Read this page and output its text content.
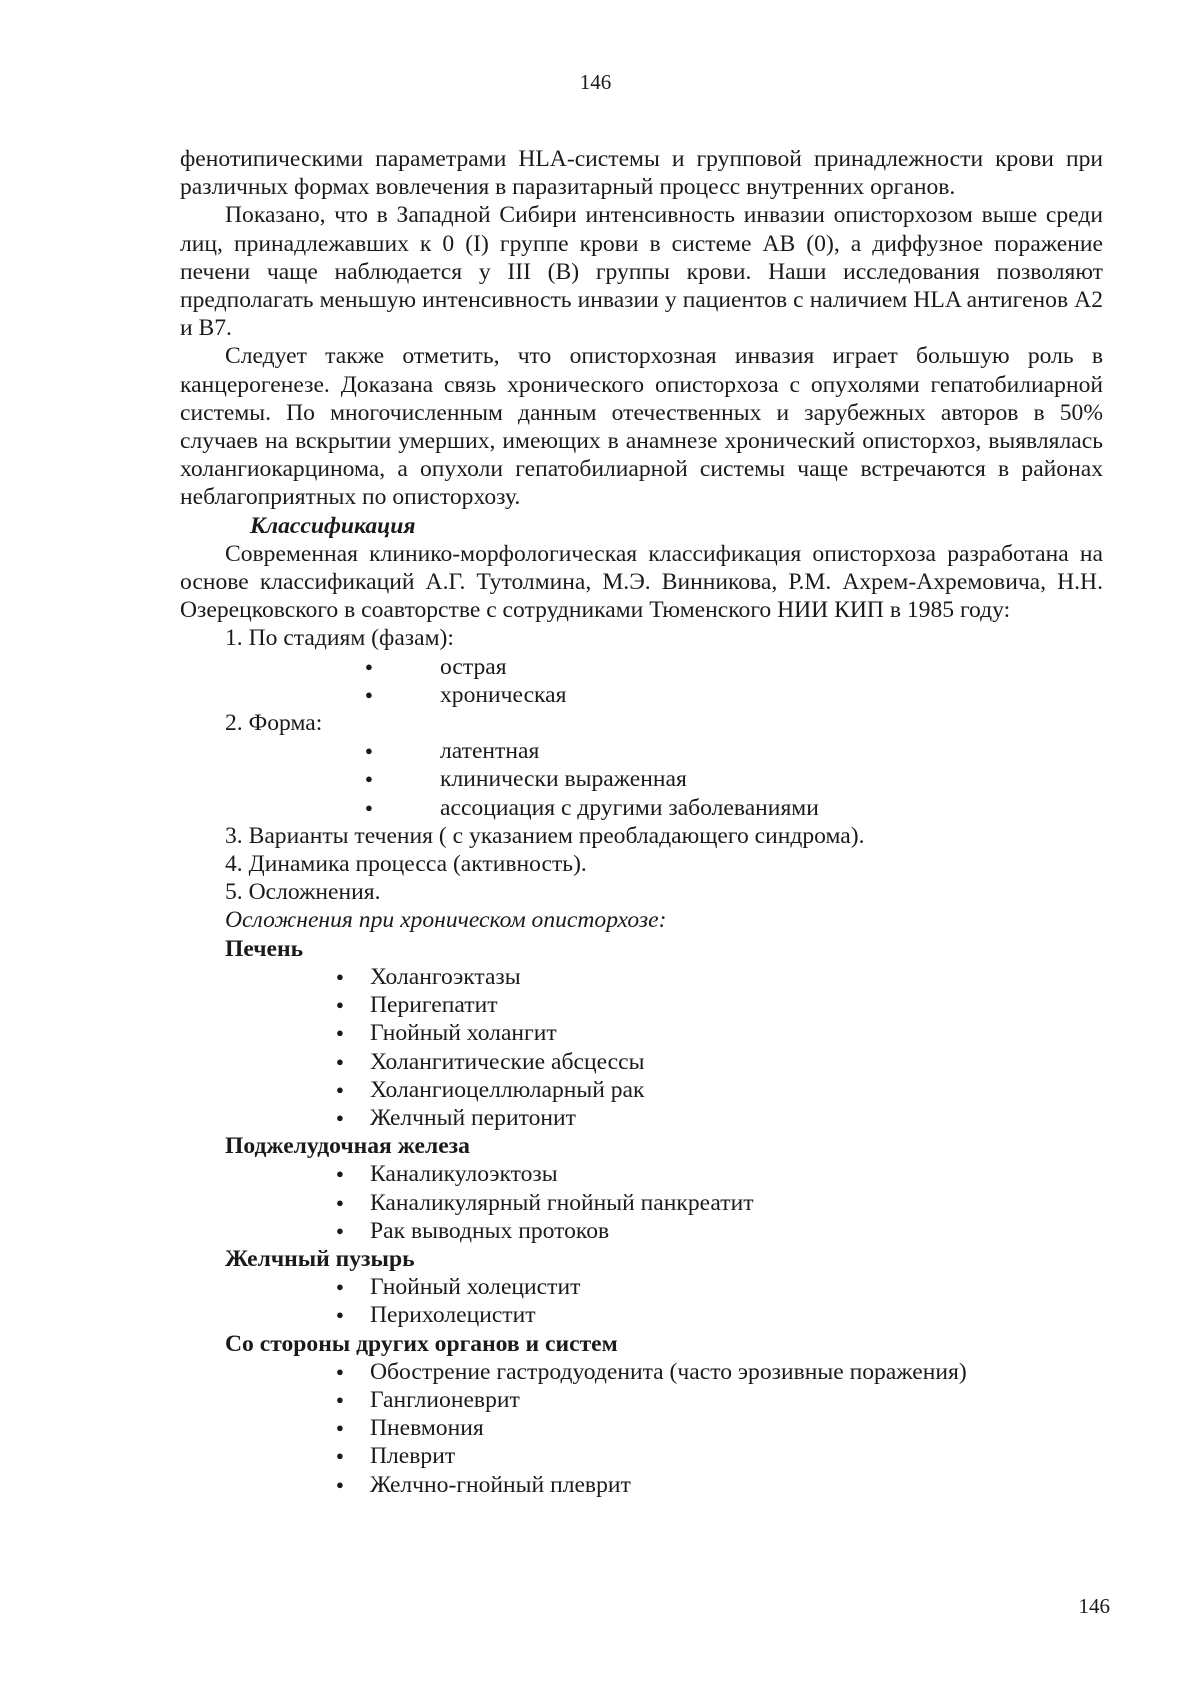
146

фенотипическими параметрами HLA-системы и групповой принадлежности крови при различных формах вовлечения в паразитарный процесс внутренних органов.

Показано, что в Западной Сибири интенсивность инвазии описторхозом выше среди лиц, принадлежавших к 0 (I) группе крови в системе АВ (0), а диффузное поражение печени чаще наблюдается у III (В) группы крови. Наши исследования позволяют предполагать меньшую интенсивность инвазии у пациентов с наличием HLA антигенов А2 и В7.

Следует также отметить, что описторхозная инвазия играет большую роль в канцерогенезе. Доказана связь хронического описторхоза с опухолями гепатобилиарной системы. По многочисленным данным отечественных и зарубежных авторов в 50% случаев на вскрытии умерших, имеющих в анамнезе хронический описторхоз, выявлялась холангиокарцинома, а опухоли гепатобилиарной системы чаще встречаются в районах неблагоприятных по описторхозу.

Классификация

Современная клинико-морфологическая классификация описторхоза разработана на основе классификаций А.Г. Тутолмина, М.Э. Винникова, Р.М. Ахрем-Ахремовича, Н.Н. Озерецковского в соавторстве с сотрудниками Тюменского НИИ КИП в 1985 году:

1. По стадиям (фазам):
● острая
● хроническая
2. Форма:
● латентная
● клинически выраженная
● ассоциация с другими заболеваниями
3. Варианты течения ( с указанием преобладающего синдрома).
4. Динамика процесса (активность).
5. Осложнения.

Осложнения при хроническом описторхозе:

Печень

● Холангоэктазы
● Перигепатит
● Гнойный холангит
● Холангитические абсцессы
● Холангиоцеллюларный рак
● Желчный перитонит

Поджелудочная железа

● Каналикулоэктозы
● Каналикулярный гнойный панкреатит
● Рак выводных протоков

Желчный пузырь

● Гнойный холецистит
● Перихолецистит

Со стороны других органов и систем

● Обострение гастродуоденита (часто эрозивные поражения)
● Ганглионеврит
● Пневмония
● Плеврит
● Желчно-гнойный плеврит
146
